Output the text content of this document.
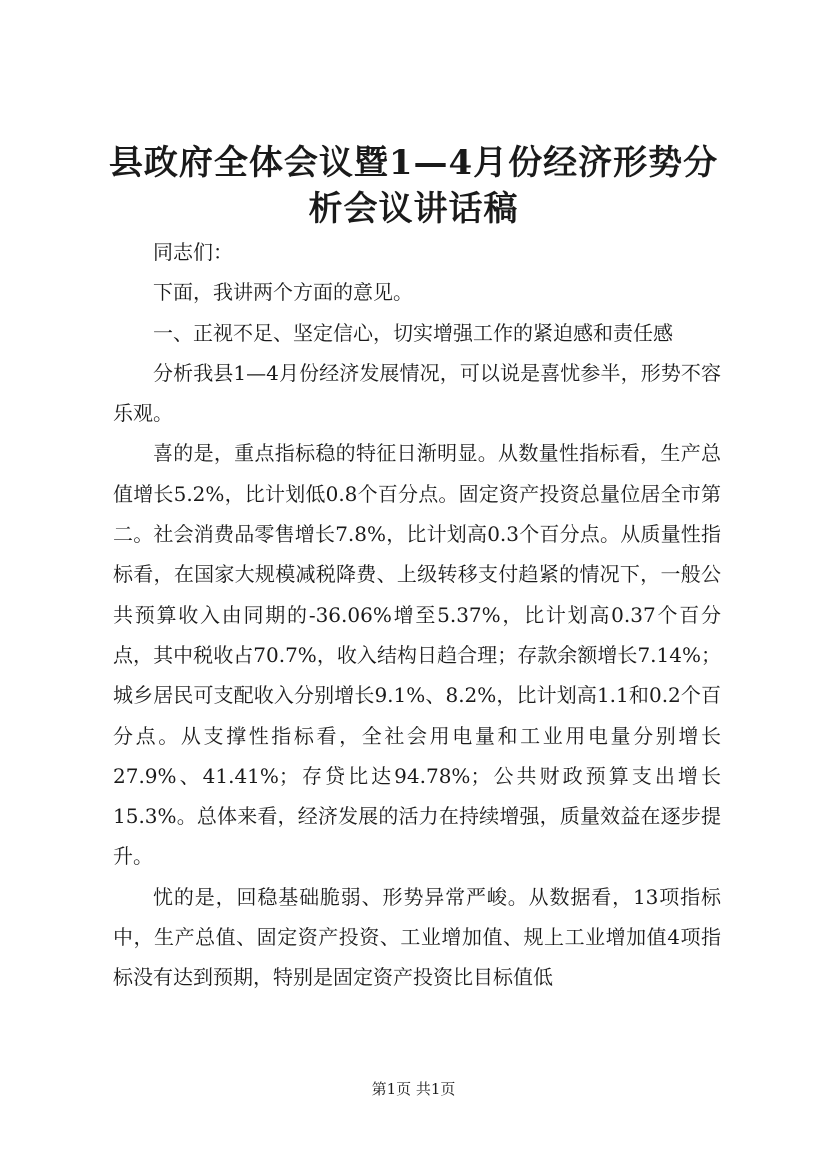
县政府全体会议暨1—4月份经济形势分析会议讲话稿

同志们：

下面，我讲两个方面的意见。

一、正视不足、坚定信心，切实增强工作的紧迫感和责任感

分析我县1—4月份经济发展情况，可以说是喜忧参半，形势不容乐观。

喜的是，重点指标稳的特征日渐明显。从数量性指标看，生产总值增长5.2%，比计划低0.8个百分点。固定资产投资总量位居全市第二。社会消费品零售增长7.8%，比计划高0.3个百分点。从质量性指标看，在国家大规模减税降费、上级转移支付趋紧的情况下，一般公共预算收入由同期的-36.06%增至5.37%，比计划高0.37个百分点，其中税收占70.7%，收入结构日趋合理；存款余额增长7.14%；城乡居民可支配收入分别增长9.1%、8.2%，比计划高1.1和0.2个百分点。从支撑性指标看，全社会用电量和工业用电量分别增长27.9%、41.41%；存贷比达94.78%；公共财政预算支出增长15.3%。总体来看，经济发展的活力在持续增强，质量效益在逐步提升。

忧的是，回稳基础脆弱、形势异常严峻。从数据看，13项指标中，生产总值、固定资产投资、工业增加值、规上工业增加值4项指标没有达到预期，特别是固定资产投资比目标值低

第1页 共1页
